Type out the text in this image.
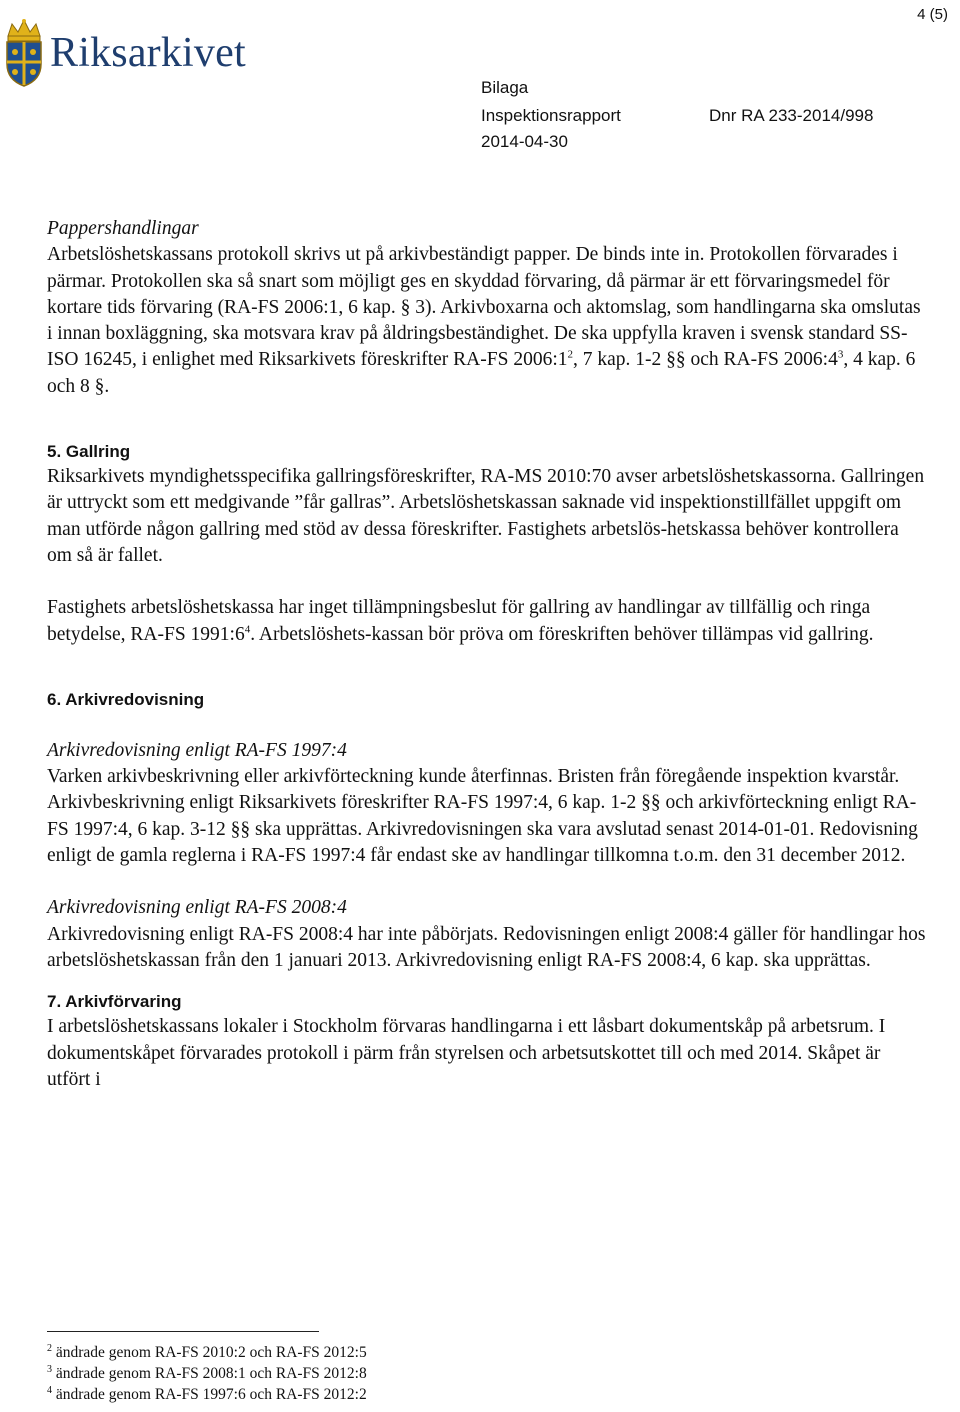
4 (5)
Riksarkivet
Bilaga
Inspektionsrapport	Dnr RA 233-2014/998
2014-04-30

Pappershandlingar

Arbetslöshetskassans protokoll skrivs ut på arkivbeständigt papper. De binds inte in. Protokollen förvarades i pärmar. Protokollen ska så snart som möjligt ges en skyddad förvaring, då pärmar är ett förvaringsmedel för kortare tids förvaring (RA-FS 2006:1, 6 kap. § 3). Arkivboxarna och aktomslag, som handlingarna ska omslutas i innan boxläggning, ska motsvara krav på åldringsbeständighet. De ska uppfylla kraven i svensk standard SS-ISO 16245, i enlighet med Riksarkivets föreskrifter RA-FS $2006:1^2$, 7 kap. 1-2 §§ och RA-FS $2006:4^3$, 4 kap. 6 och 8 §.

5. Gallring

Riksarkivets myndighetsspecifika gallringsföreskrifter, RA-MS 2010:70 avser arbetslöshetskassorna. Gallringen är uttryckt som ett medgivande ”får gallras”. Arbetslöshetskassan saknade vid inspektionstillfället uppgift om man utförde någon gallring med stöd av dessa föreskrifter. Fastighets arbetslös-hetskassa behöver kontrollera om så är fallet.

Fastighets arbetslöshetskassa har inget tillämpningsbeslut för gallring av handlingar av tillfällig och ringa betydelse, RA-FS $1991:6^4$. Arbetslöshets-kassan bör pröva om föreskriften behöver tillämpas vid gallring.

6. Arkivredovisning

Arkivredovisning enligt RA-FS 1997:4

Varken arkivbeskrivning eller arkivförteckning kunde återfinnas. Bristen från föregående inspektion kvarstår. Arkivbeskrivning enligt Riksarkivets föreskrifter RA-FS 1997:4, 6 kap. 1-2 §§ och arkivförteckning enligt RA-FS 1997:4, 6 kap. 3-12 §§ ska upprättas. Arkivredovisningen ska vara avslutad senast 2014-01-01. Redovisning enligt de gamla reglerna i RA-FS 1997:4 får endast ske av handlingar tillkomna t.o.m. den 31 december 2012.

Arkivredovisning enligt RA-FS 2008:4

Arkivredovisning enligt RA-FS 2008:4 har inte påbörjats. Redovisningen enligt 2008:4 gäller för handlingar hos arbetslöshetskassan från den 1 januari 2013. Arkivredovisning enligt RA-FS 2008:4, 6 kap. ska upprättas.

7. Arkivförvaring

I arbetslöshetskassans lokaler i Stockholm förvaras handlingarna i ett låsbart dokumentskåp på arbetsrum. I dokumentskåpet förvarades protokoll i pärm från styrelsen och arbetsutskottet till och med 2014. Skåpet är utfört i

$^2$ ändrade genom RA-FS 2010:2 och RA-FS 2012:5
$^3$ ändrade genom RA-FS 2008:1 och RA-FS 2012:8
$^4$ ändrade genom RA-FS 1997:6 och RA-FS 2012:2
